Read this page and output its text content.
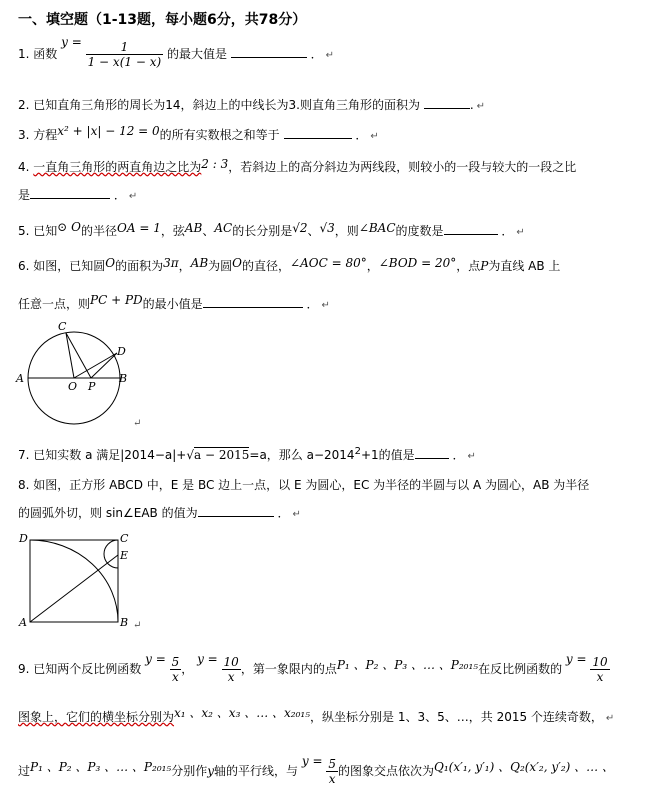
一、填空题（1-13题，每小题6分，共78分）
1. 函数 $y = \frac{1}{1 - x(1 - x)}$ 的最大值是	． ↵
2. 已知直角三角形的周长为14，斜边上的中线长为3.则直角三角形的面积为	. ↵
3. 方程x² + |x| − 12 = 0的所有实数根之和等于	． ↵
4. 一直角三角形的两直角边之比为2 : 3，若斜边上的高分斜边为两线段，则较小的一段与较大的一段之比
是	． ↵
5. 已知⊙ O的半径OA = 1，弦AB、AC的长分别是√2、√3，则∠BAC的度数是	． ↵
6. 如图，已知圆O的面积为3π，AB为圆O的直径，∠AOC = 80°，∠BOD = 20°，点P为直线 AB 上
任意一点，则PC + PD的最小值是	． ↵
A	B
C
D
O P
↵
7. 已知实数 a 满足|2014−a|+√a − 2015=a，那么 $a-2014^2+1$的值是	． ↵
8. 如图，正方形 ABCD 中，E 是 BC 边上一点，以 E 为圆心，EC 为半径的半圆与以 A 为圆心，AB 为半径
的圆弧外切，则 sin∠EAB 的值为	． ↵
D	C
E
A	B ↵
9. 已知两个反比例函数 $y = \frac{5}{x}$ ， $y = \frac{10}{x}$ ，第一象限内的点P₁ 、P₂ 、P₃ 、… 、P₂₀₁₅在反比例函数的 $y = \frac{10}{x}$
图象上，它们的横坐标分别为x₁ 、x₂ 、x₃ 、… 、x₂₀₁₅，纵坐标分别是 1、3、5、…，共 2015 个连续奇数， ↵
过P₁ 、P₂ 、P₃ 、… 、P₂₀₁₅分别作y轴的平行线，与 $y = \frac{5}{x}$ 的图象交点依次为Q₁(x′₁, y′₁) 、Q₂(x′₂, y′₂) 、… 、
